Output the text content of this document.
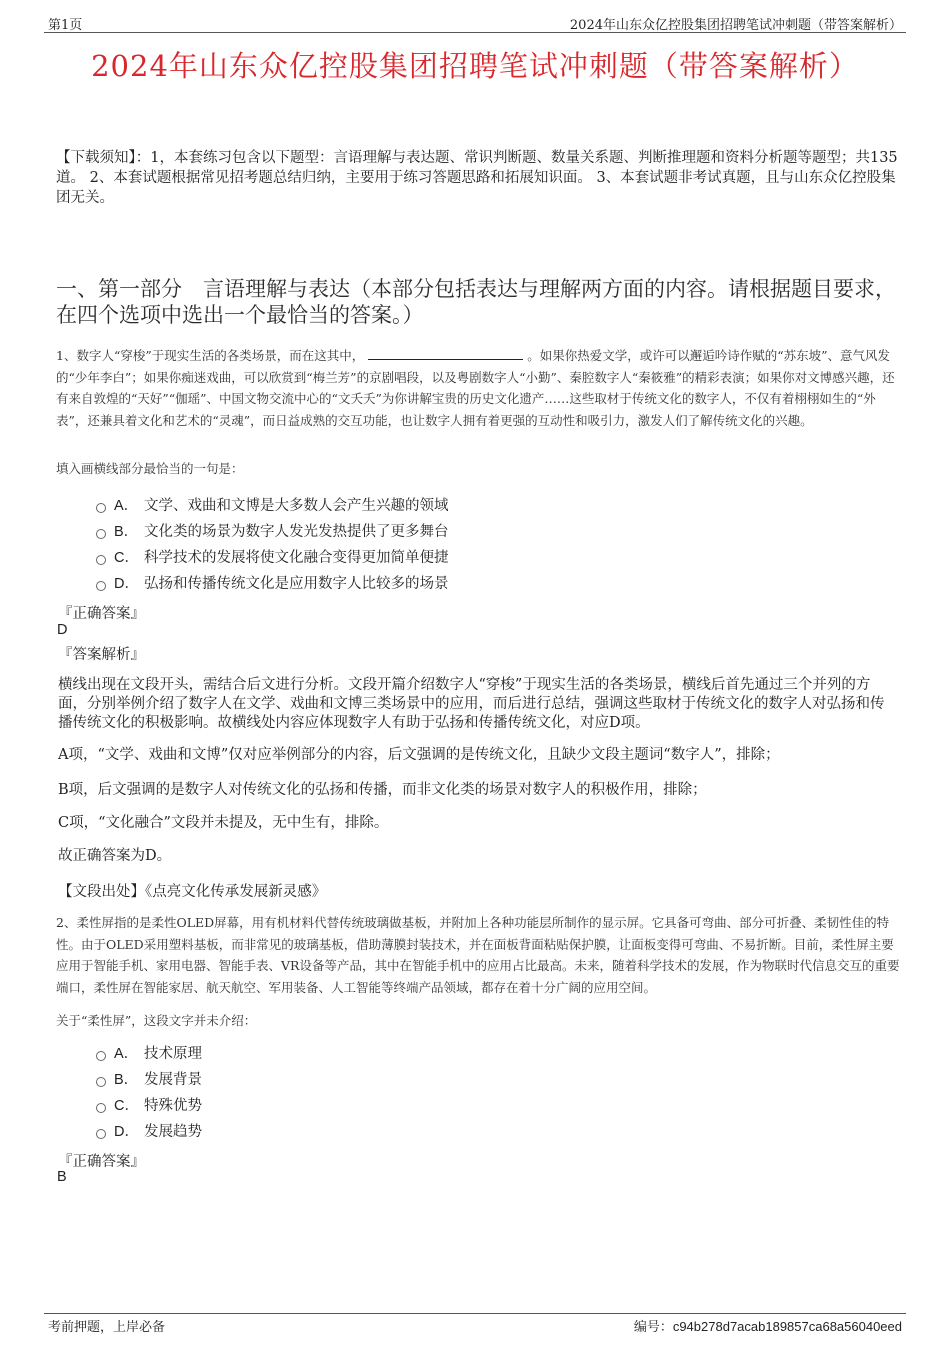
第1页	2024年山东众亿控股集团招聘笔试冲刺题（带答案解析）
2024年山东众亿控股集团招聘笔试冲刺题（带答案解析）
【下载须知】：1，本套练习包含以下题型：言语理解与表达题、常识判断题、数量关系题、判断推理题和资料分析题等题型；共135道。 2、本套试题根据常见招考题总结归纳，主要用于练习答题思路和拓展知识面。 3、本套试题非考试真题，且与山东众亿控股集团无关。
一、第一部分　言语理解与表达（本部分包括表达与理解两方面的内容。请根据题目要求，在四个选项中选出一个最恰当的答案。）
1、数字人“穿梭”于现实生活的各类场景，而在这其中，	。如果你热爱文学，或许可以邂逅吟诗作赋的“苏东坡”、意气风发的“少年李白”；如果你痴迷戏曲，可以欣赏到“梅兰芳”的京剧唱段，以及粤剧数字人“小勤”、秦腔数字人“秦筱雅”的精彩表演；如果你对文博感兴趣，还有来自敦煌的“天好”“伽瑶”、中国文物交流中心的“文夭夭”为你讲解宝贵的历史文化遗产……这些取材于传统文化的数字人，不仅有着栩栩如生的“外表”，还兼具着文化和艺术的“灵魂”，而日益成熟的交互功能，也让数字人拥有着更强的互动性和吸引力，激发人们了解传统文化的兴趣。
填入画横线部分最恰当的一句是：
A． 文学、戏曲和文博是大多数人会产生兴趣的领域
B． 文化类的场景为数字人发光发热提供了更多舞台
C． 科学技术的发展将使文化融合变得更加简单便捷
D． 弘扬和传播传统文化是应用数字人比较多的场景
『正确答案』
D
『答案解析』
横线出现在文段开头，需结合后文进行分析。文段开篇介绍数字人“穿梭”于现实生活的各类场景，横线后首先通过三个并列的方面，分别举例介绍了数字人在文学、戏曲和文博三类场景中的应用，而后进行总结，强调这些取材于传统文化的数字人对弘扬和传播传统文化的积极影响。故横线处内容应体现数字人有助于弘扬和传播传统文化，对应D项。
A项，“文学、戏曲和文博”仅对应举例部分的内容，后文强调的是传统文化，且缺少文段主题词“数字人”，排除；
B项，后文强调的是数字人对传统文化的弘扬和传播，而非文化类的场景对数字人的积极作用，排除；
C项，“文化融合”文段并未提及，无中生有，排除。
故正确答案为D。
【文段出处】《点亮文化传承发展新灵感》
2、柔性屏指的是柔性OLED屏幕，用有机材料代替传统玻璃做基板，并附加上各种功能层所制作的显示屏。它具备可弯曲、部分可折叠、柔韧性佳的特性。由于OLED采用塑料基板，而非常见的玻璃基板，借助薄膜封装技术，并在面板背面粘贴保护膜，让面板变得可弯曲、不易折断。目前，柔性屏主要应用于智能手机、家用电器、智能手表、VR设备等产品，其中在智能手机中的应用占比最高。未来，随着科学技术的发展，作为物联时代信息交互的重要端口，柔性屏在智能家居、航天航空、军用装备、人工智能等终端产品领域，都存在着十分广阔的应用空间。
关于“柔性屏”，这段文字并未介绍：
A． 技术原理
B． 发展背景
C． 特殊优势
D． 发展趋势
『正确答案』
B
考前押题，上岸必备	编号：c94b278d7acab189857ca68a56040eed
